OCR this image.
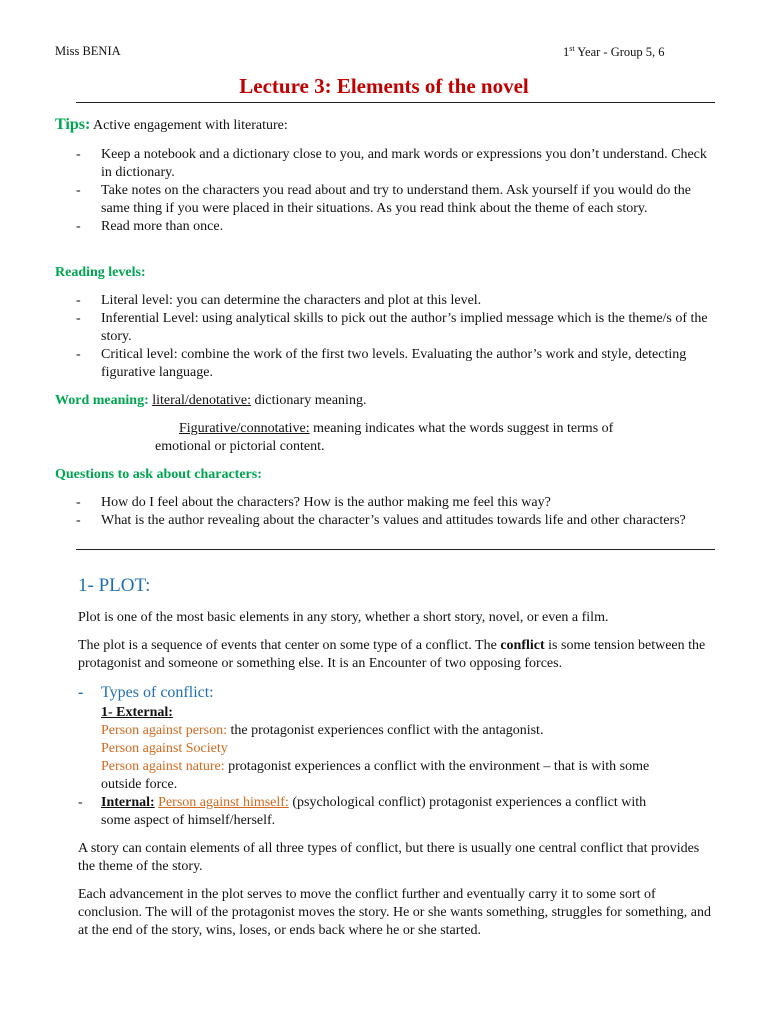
Miss BENIA	1st Year - Group 5, 6
Lecture 3: Elements of the novel
Tips: Active engagement with literature:
- Keep a notebook and a dictionary close to you, and mark words or expressions you don’t understand. Check in dictionary.
- Take notes on the characters you read about and try to understand them. Ask yourself if you would do the same thing if you were placed in their situations. As you read think about the theme of each story.
- Read more than once.
Reading levels:
- Literal level: you can determine the characters and plot at this level.
- Inferential Level: using analytical skills to pick out the author’s implied message which is the theme/s of the story.
- Critical level: combine the work of the first two levels. Evaluating the author’s work and style, detecting figurative language.
Word meaning: literal/denotative: dictionary meaning.
Figurative/connotative: meaning indicates what the words suggest in terms of
emotional or pictorial content.
Questions to ask about characters:
- How do I feel about the characters? How is the author making me feel this way?
- What is the author revealing about the character’s values and attitudes towards life and other characters?
1- PLOT:

Plot is one of the most basic elements in any story, whether a short story, novel, or even a film.

The plot is a sequence of events that center on some type of a conflict. The conflict is some tension between the protagonist and someone or something else. It is an Encounter of two opposing forces.

- Types of conflict:
1- External:
Person against person: the protagonist experiences conflict with the antagonist.
Person against Society
Person against nature: protagonist experiences a conflict with the environment – that is with some
outside force.
- Internal: Person against himself: (psychological conflict) protagonist experiences a conflict with
some aspect of himself/herself.

A story can contain elements of all three types of conflict, but there is usually one central conflict that provides the theme of the story.

Each advancement in the plot serves to move the conflict further and eventually carry it to some sort of conclusion. The will of the protagonist moves the story. He or she wants something, struggles for something, and at the end of the story, wins, loses, or ends back where he or she started.
